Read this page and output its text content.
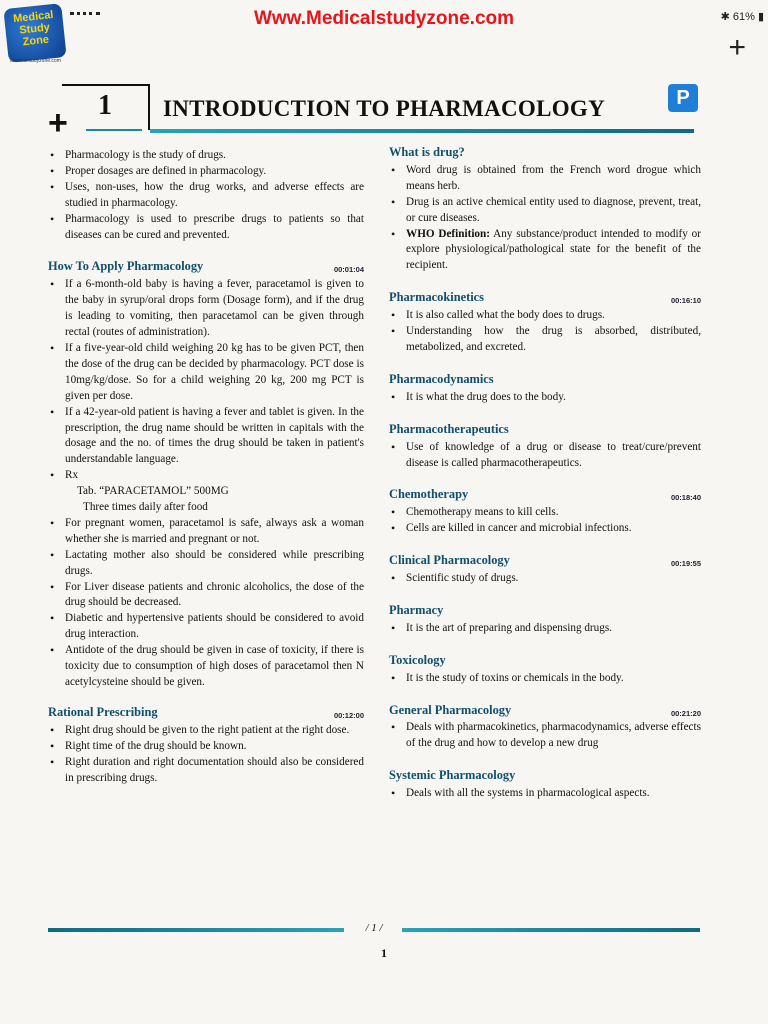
Medical Study Zone
Medicalstudyzone.com
Www.Medicalstudyzone.com	✱ 61% ▮
+
1
+	INTRODUCTION TO PHARMACOLOGY	P
• Pharmacology is the study of drugs.
• Proper dosages are defined in pharmacology.
• Uses, non-uses, how the drug works, and adverse effects are studied in pharmacology.
• Pharmacology is used to prescribe drugs to patients so that diseases can be cured and prevented.
How To Apply Pharmacology	00:01:04
• If a 6-month-old baby is having a fever, paracetamol is given to the baby in syrup/oral drops form (Dosage form), and if the drug is leading to vomiting, then paracetamol can be given through rectal (routes of administration).
• If a five-year-old child weighing 20 kg has to be given PCT, then the dose of the drug can be decided by pharmacology. PCT dose is 10mg/kg/dose. So for a child weighing 20 kg, 200 mg PCT is given per dose.
• If a 42-year-old patient is having a fever and tablet is given. In the prescription, the drug name should be written in capitals with the dosage and the no. of times the drug should be taken in patient's understandable language.
• Rx
Tab. “PARACETAMOL” 500MG
Three times daily after food
• For pregnant women, paracetamol is safe, always ask a woman whether she is married and pregnant or not.
• Lactating mother also should be considered while prescribing drugs.
• For Liver disease patients and chronic alcoholics, the dose of the drug should be decreased.
• Diabetic and hypertensive patients should be considered to avoid drug interaction.
• Antidote of the drug should be given in case of toxicity, if there is toxicity due to consumption of high doses of paracetamol then N acetylcysteine should be given.
Rational Prescribing	00:12:00
• Right drug should be given to the right patient at the right dose.
• Right time of the drug should be known.
• Right duration and right documentation should also be considered in prescribing drugs.
What is drug?
• Word drug is obtained from the French word drogue which means herb.
• Drug is an active chemical entity used to diagnose, prevent, treat, or cure diseases.
• WHO Definition: Any substance/product intended to modify or explore physiological/pathological state for the benefit of the recipient.
Pharmacokinetics	00:16:10
• It is also called what the body does to drugs.
• Understanding how the drug is absorbed, distributed, metabolized, and excreted.
Pharmacodynamics
• It is what the drug does to the body.
Pharmacotherapeutics
• Use of knowledge of a drug or disease to treat/cure/prevent disease is called pharmacotherapeutics.
Chemotherapy	00:18:40
• Chemotherapy means to kill cells.
• Cells are killed in cancer and microbial infections.
Clinical Pharmacology	00:19:55
• Scientific study of drugs.
Pharmacy
• It is the art of preparing and dispensing drugs.
Toxicology
• It is the study of toxins or chemicals in the body.
General Pharmacology	00:21:20
• Deals with pharmacokinetics, pharmacodynamics, adverse effects of the drug and how to develop a new drug
Systemic Pharmacology
• Deals with all the systems in pharmacological aspects.
/ 1 /
1
